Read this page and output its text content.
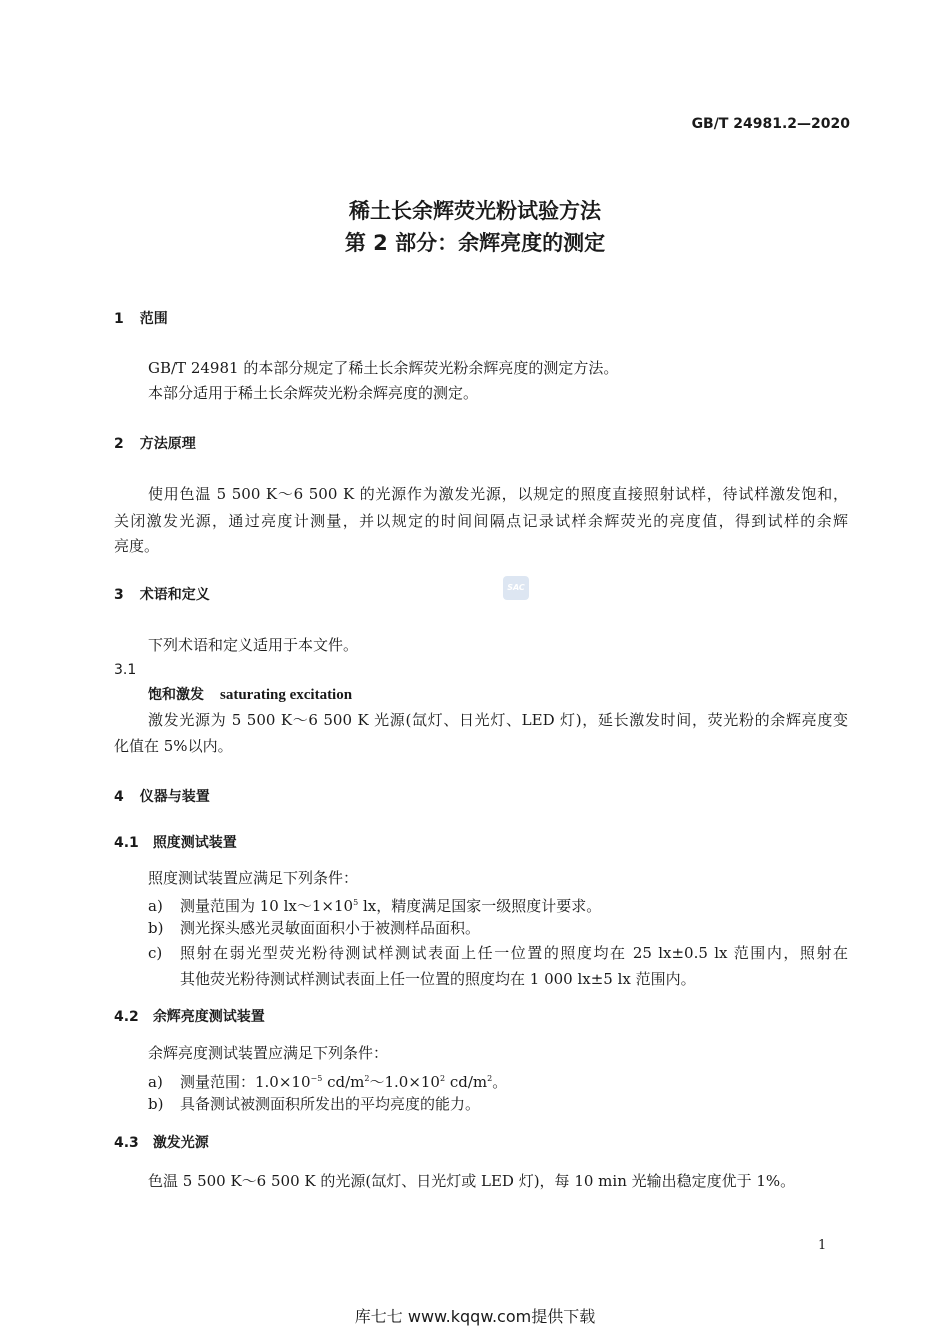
GB/T 24981.2—2020
稀土长余辉荧光粉试验方法
第 2 部分：余辉亮度的测定
1 范围
GB/T 24981 的本部分规定了稀土长余辉荧光粉余辉亮度的测定方法。
本部分适用于稀土长余辉荧光粉余辉亮度的测定。
2 方法原理
使用色温 5 500 K～6 500 K 的光源作为激发光源，以规定的照度直接照射试样，待试样激发饱和，
关闭激发光源，通过亮度计测量，并以规定的时间间隔点记录试样余辉荧光的亮度值，得到试样的余辉
亮度。
SAC
3 术语和定义
下列术语和定义适用于本文件。
3.1
饱和激发 saturating excitation
激发光源为 5 500 K～6 500 K 光源(氙灯、日光灯、LED 灯)，延长激发时间，荧光粉的余辉亮度变
化值在 5%以内。
4 仪器与装置
4.1 照度测试装置
照度测试装置应满足下列条件：
a) 测量范围为 10 $lx\sim 1\times 10^5$ lx，精度满足国家一级照度计要求。
b) 测光探头感光灵敏面面积小于被测样品面积。
c) 照射在弱光型荧光粉待测试样测试表面上任一位置的照度均在 25 lx±0.5 lx 范围内，照射在
其他荧光粉待测试样测试表面上任一位置的照度均在 1 000 lx±5 lx 范围内。
4.2 余辉亮度测试装置
余辉亮度测试装置应满足下列条件：
a) 测量范围：$1.0\times 10^{-5}$ $cd/m^2\sim 1.0\times 10^2$ $cd/m^2$。
b) 具备测试被测面积所发出的平均亮度的能力。
4.3 激发光源
色温 5 500 K～6 500 K 的光源(氙灯、日光灯或 LED 灯)，每 10 min 光输出稳定度优于 1%。
1
库七七 www.kqqw.com提供下载
